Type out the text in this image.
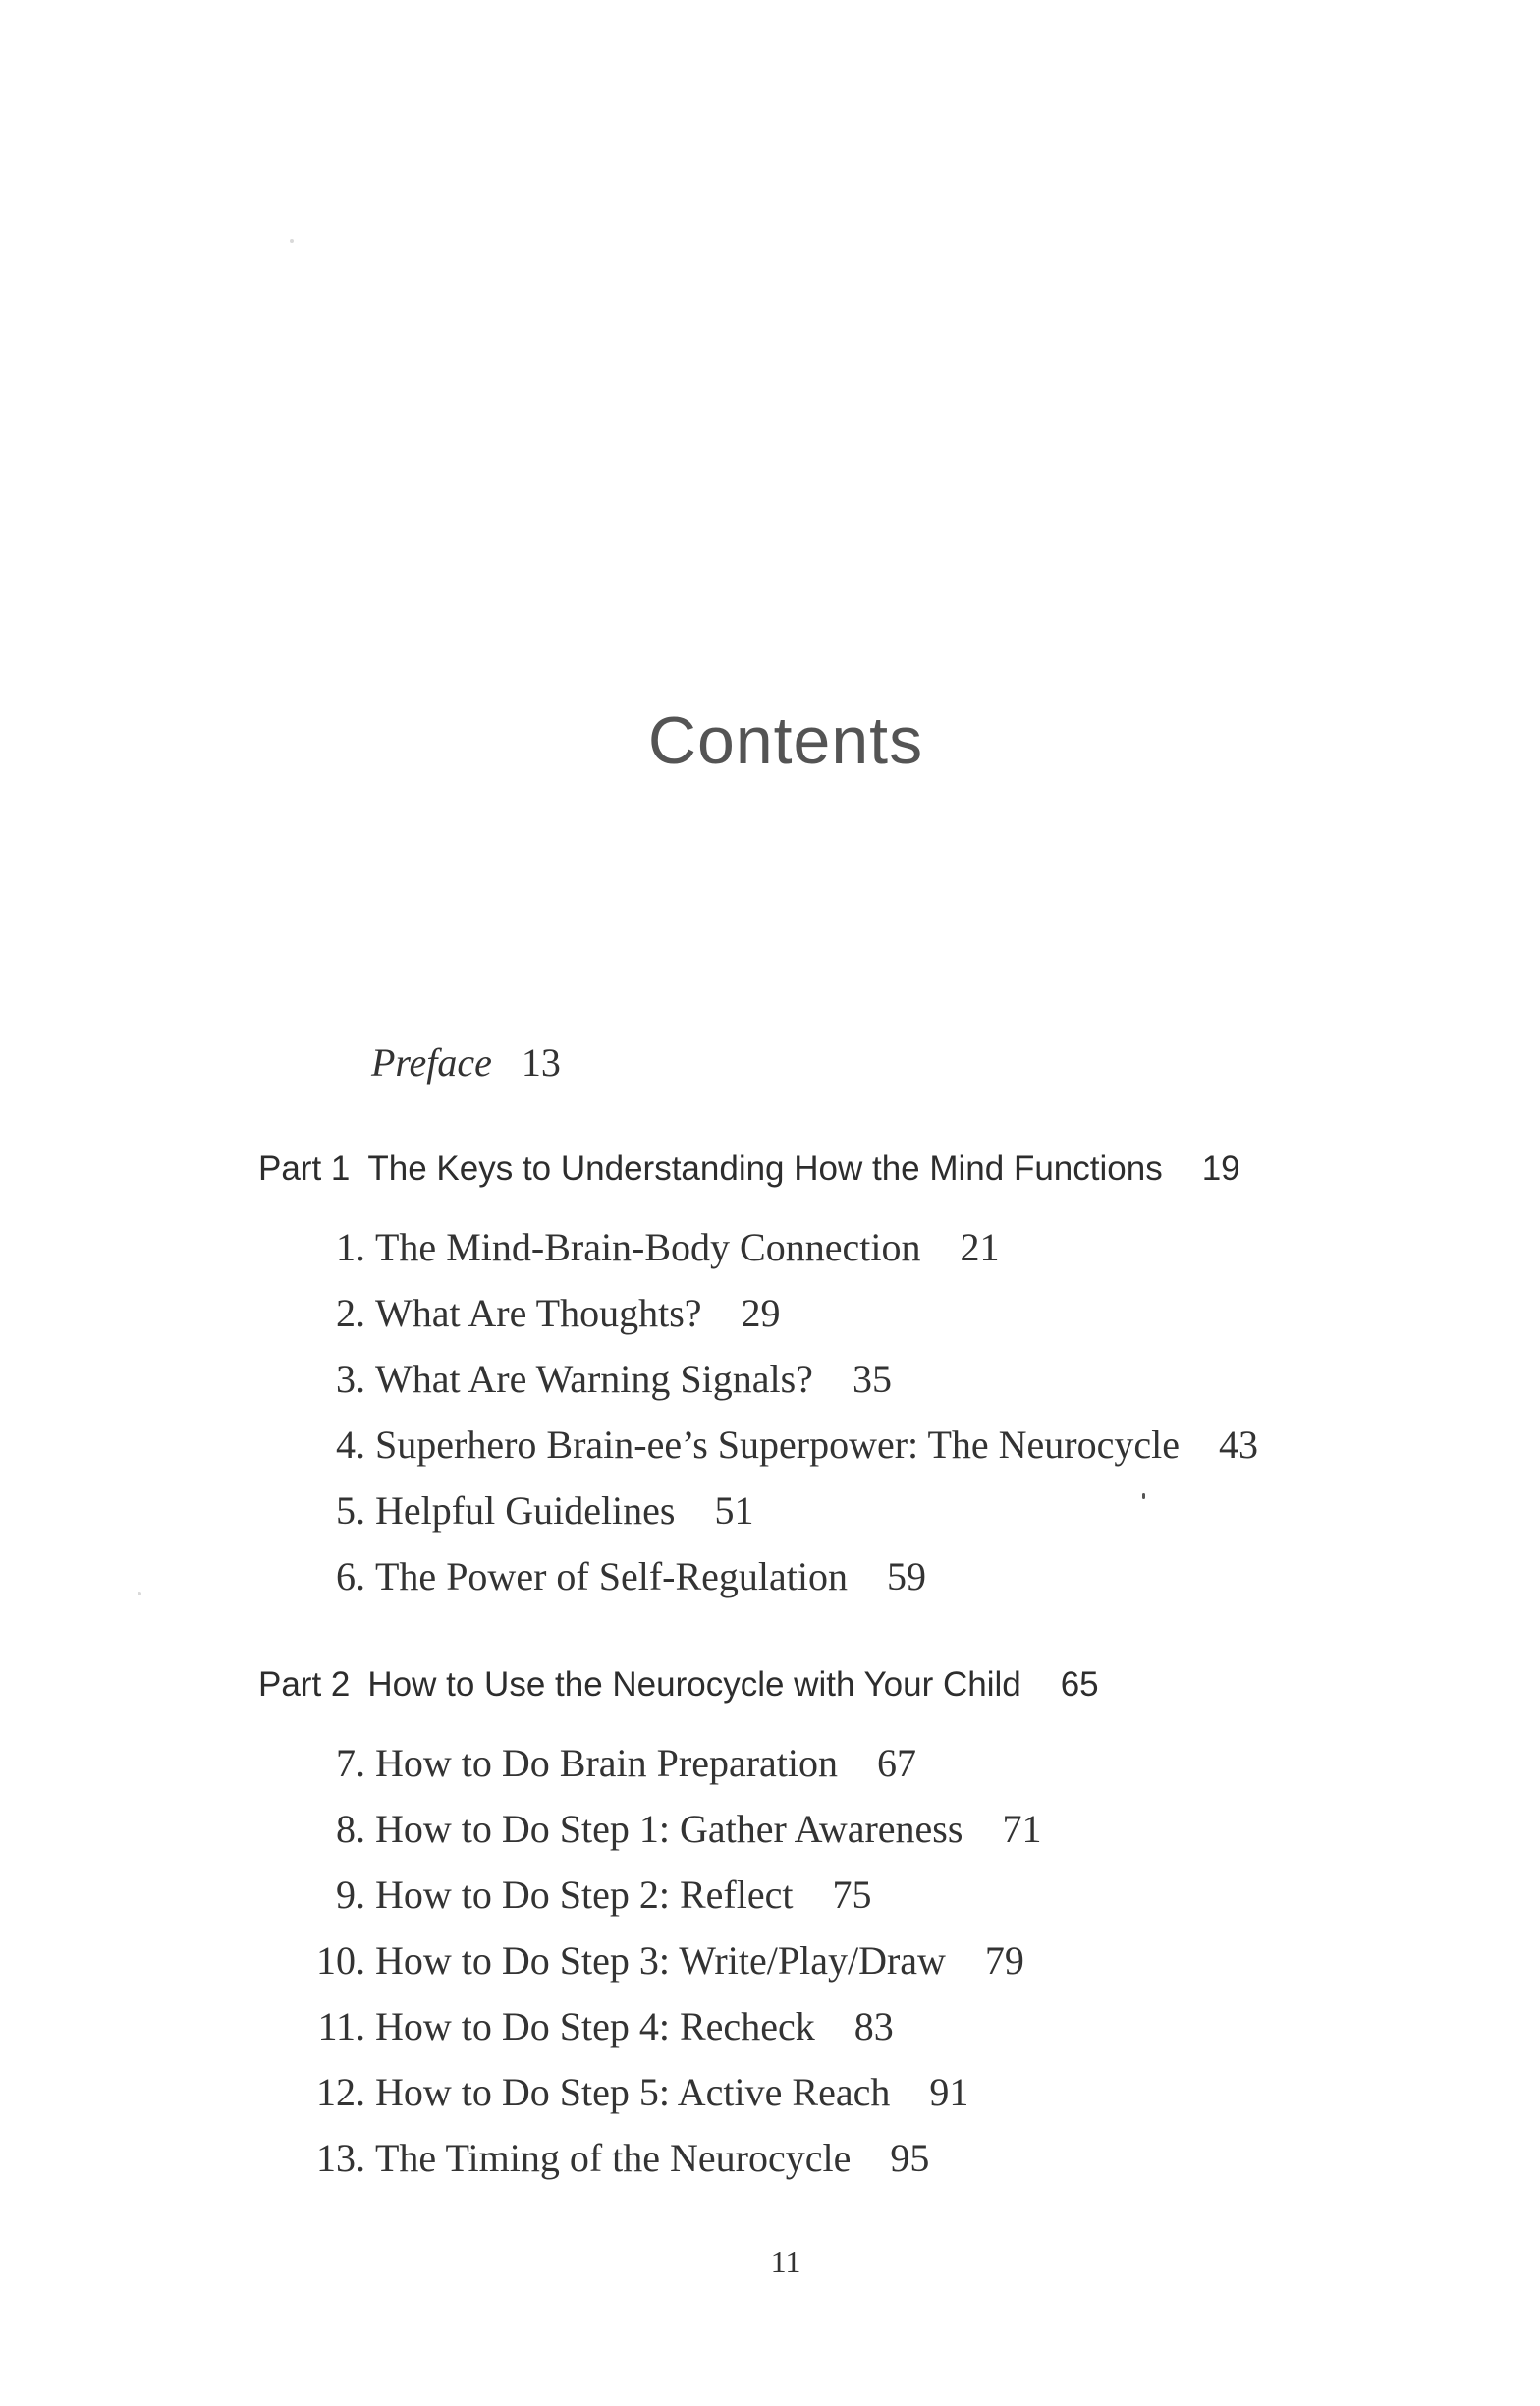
Contents
Preface 13
Part 1 The Keys to Understanding How the Mind Functions 19
1. The Mind-Brain-Body Connection 21
2. What Are Thoughts? 29
3. What Are Warning Signals? 35
4. Superhero Brain-ee’s Superpower: The Neurocycle 43
5. Helpful Guidelines 51
6. The Power of Self-Regulation 59
Part 2 How to Use the Neurocycle with Your Child 65
7. How to Do Brain Preparation 67
8. How to Do Step 1: Gather Awareness 71
9. How to Do Step 2: Reflect 75
10. How to Do Step 3: Write/Play/Draw 79
11. How to Do Step 4: Recheck 83
12. How to Do Step 5: Active Reach 91
13. The Timing of the Neurocycle 95
11
